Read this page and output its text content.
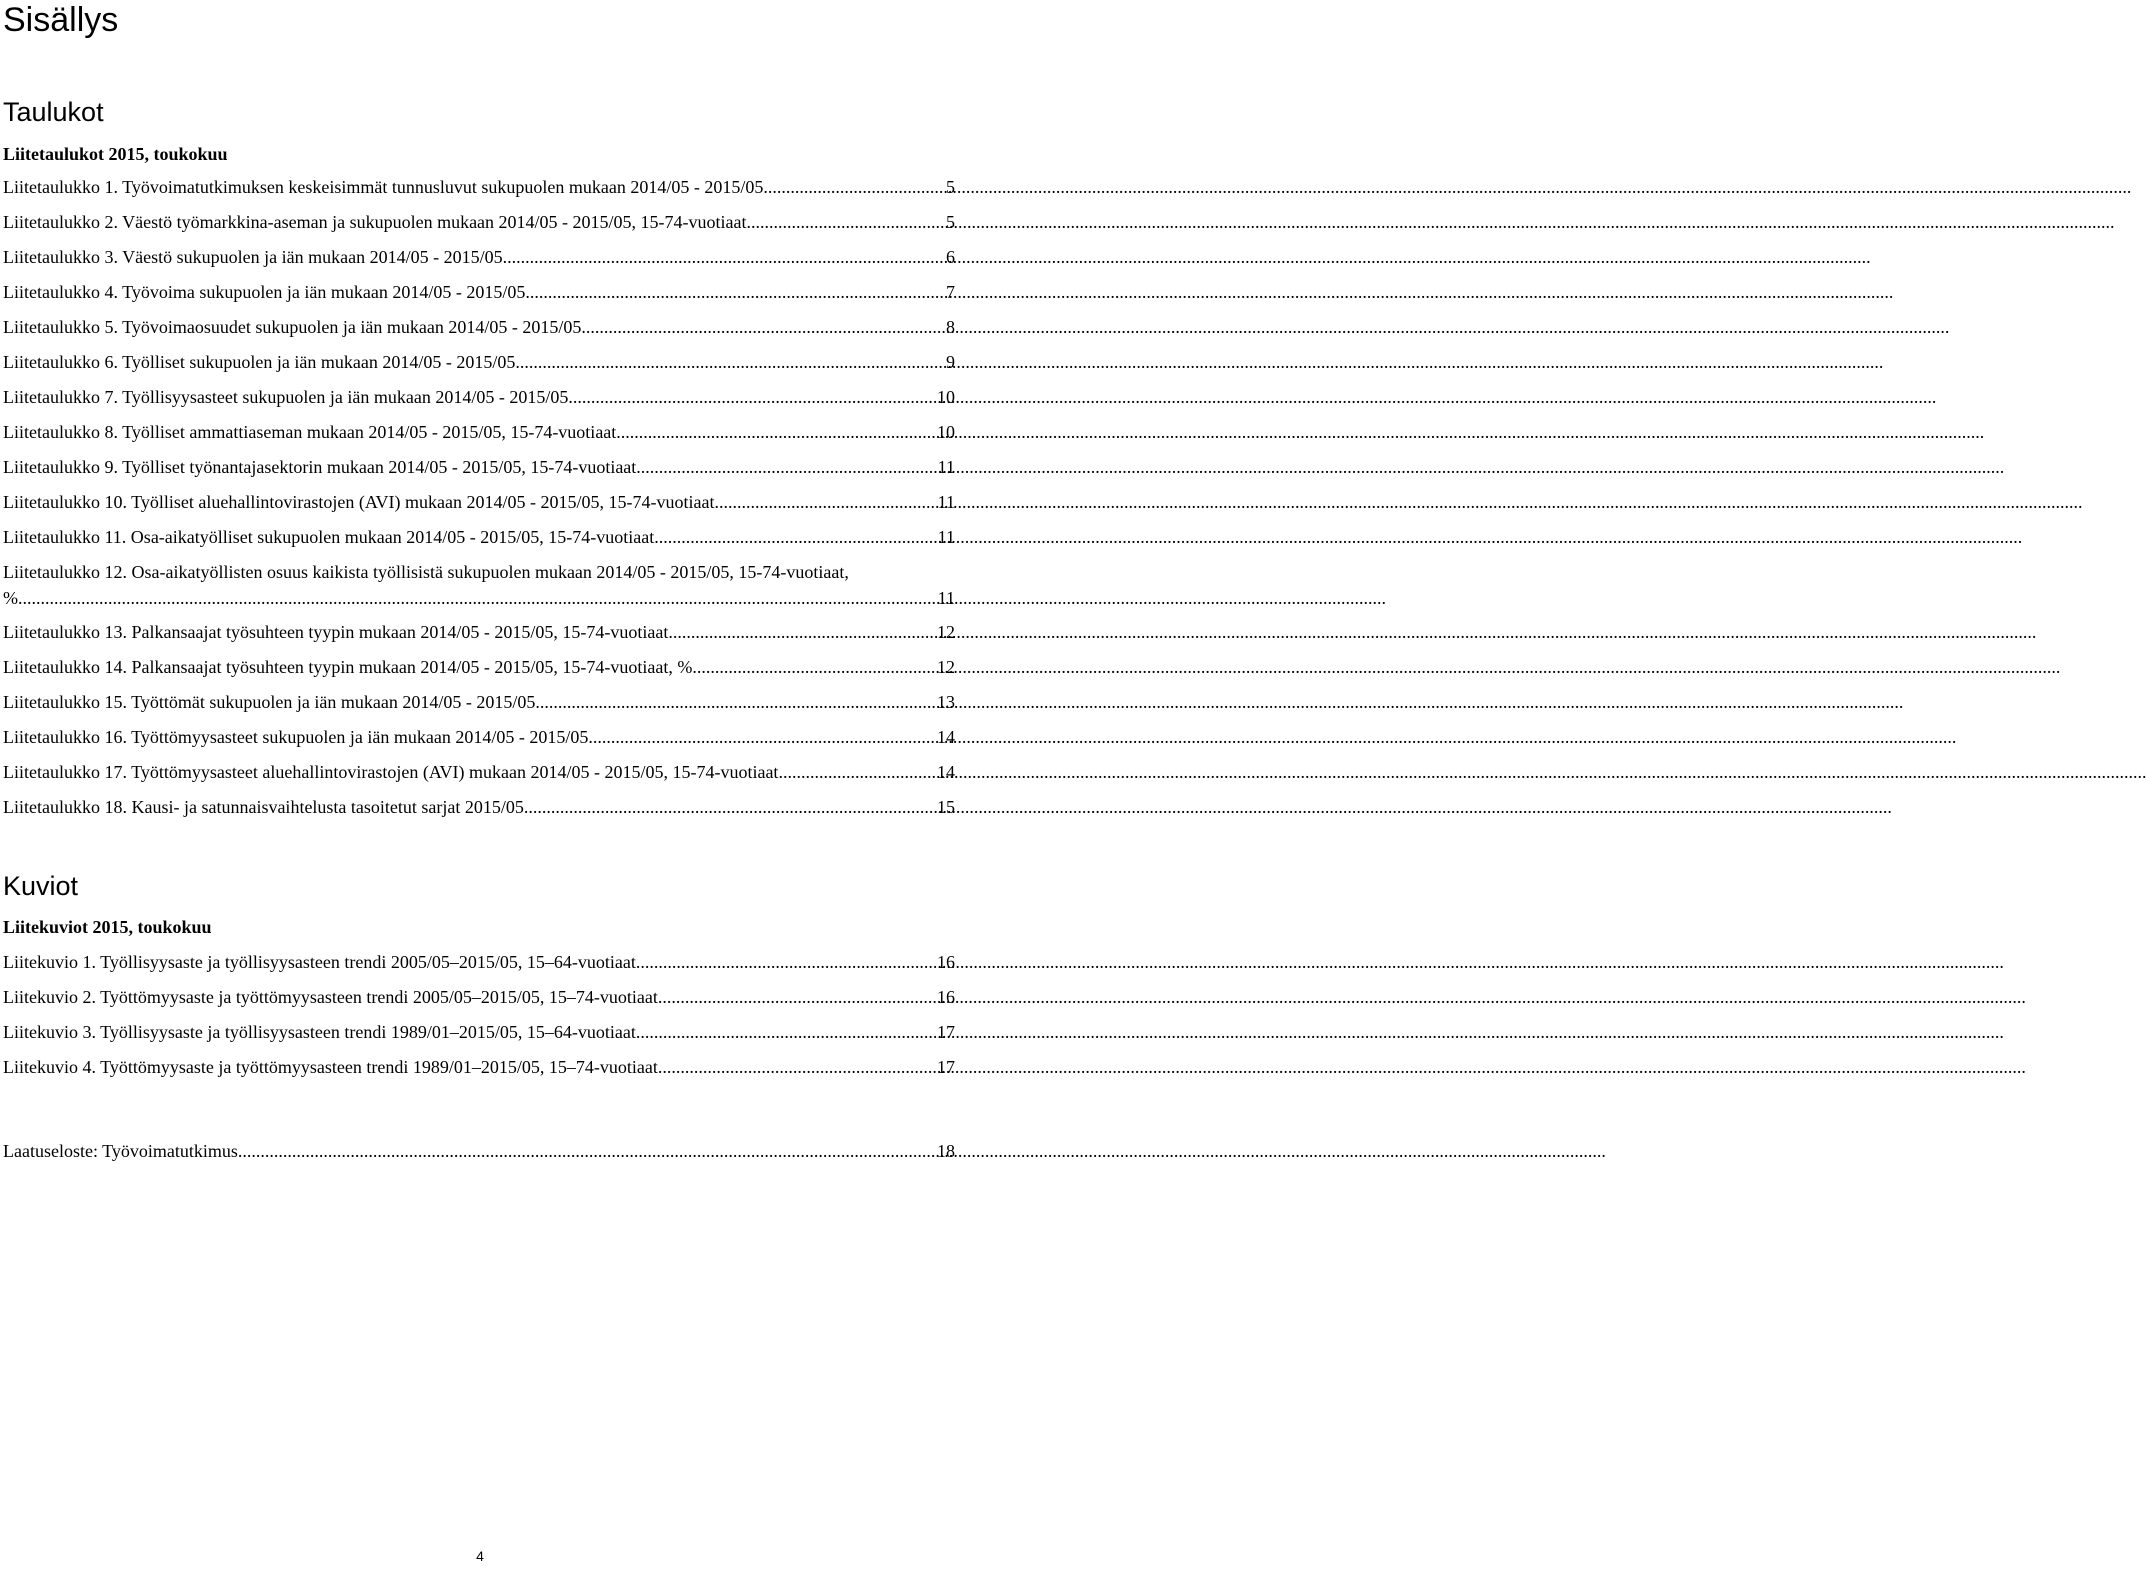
Sisällys
Taulukot
Liitetaulukot 2015, toukokuu
Liitetaulukko 1. Työvoimatutkimuksen keskeisimmät tunnusluvut sukupuolen mukaan 2014/05 - 2015/05 .....	5
Liitetaulukko 2. Väestö työmarkkina-aseman ja sukupuolen mukaan 2014/05 - 2015/05, 15-74-vuotiaat .....	5
Liitetaulukko 3. Väestö sukupuolen ja iän mukaan 2014/05 - 2015/05 .....	6
Liitetaulukko 4. Työvoima sukupuolen ja iän mukaan 2014/05 - 2015/05 .....	7
Liitetaulukko 5. Työvoimaosuudet sukupuolen ja iän mukaan 2014/05 - 2015/05 .....	8
Liitetaulukko 6. Työlliset sukupuolen ja iän mukaan 2014/05 - 2015/05 .....	9
Liitetaulukko 7. Työllisyysasteet sukupuolen ja iän mukaan 2014/05 - 2015/05 .....	10
Liitetaulukko 8. Työlliset ammattiaseman mukaan 2014/05 - 2015/05, 15-74-vuotiaat .....	10
Liitetaulukko 9. Työlliset työnantajasektorin mukaan 2014/05 - 2015/05, 15-74-vuotiaat .....	11
Liitetaulukko 10. Työlliset aluehallintovirastojen (AVI) mukaan 2014/05 - 2015/05, 15-74-vuotiaat .....	11
Liitetaulukko 11. Osa-aikatyölliset sukupuolen mukaan 2014/05 - 2015/05, 15-74-vuotiaat .....	11
Liitetaulukko 12. Osa-aikatyöllisten osuus kaikista työllisistä sukupuolen mukaan 2014/05 - 2015/05, 15-74-vuotiaat,
% .....	11
Liitetaulukko 13. Palkansaajat työsuhteen tyypin mukaan 2014/05 - 2015/05, 15-74-vuotiaat .....	12
Liitetaulukko 14. Palkansaajat työsuhteen tyypin mukaan 2014/05 - 2015/05, 15-74-vuotiaat, % .....	12
Liitetaulukko 15. Työttömät sukupuolen ja iän mukaan 2014/05 - 2015/05 .....	13
Liitetaulukko 16. Työttömyysasteet sukupuolen ja iän mukaan 2014/05 - 2015/05 .....	14
Liitetaulukko 17. Työttömyysasteet aluehallintovirastojen (AVI) mukaan 2014/05 - 2015/05, 15-74-vuotiaat .....	14
Liitetaulukko 18. Kausi- ja satunnaisvaihtelusta tasoitetut sarjat 2015/05 .....	15
Kuviot
Liitekuviot 2015, toukokuu
Liitekuvio 1. Työllisyysaste ja työllisyysasteen trendi 2005/05–2015/05, 15–64-vuotiaat .....	16
Liitekuvio 2. Työttömyysaste ja työttömyysasteen trendi 2005/05–2015/05, 15–74-vuotiaat .....	16
Liitekuvio 3. Työllisyysaste ja työllisyysasteen trendi 1989/01–2015/05, 15–64-vuotiaat .....	17
Liitekuvio 4. Työttömyysaste ja työttömyysasteen trendi 1989/01–2015/05, 15–74-vuotiaat .....	17
Laatuseloste: Työvoimatutkimus .....	18
4
